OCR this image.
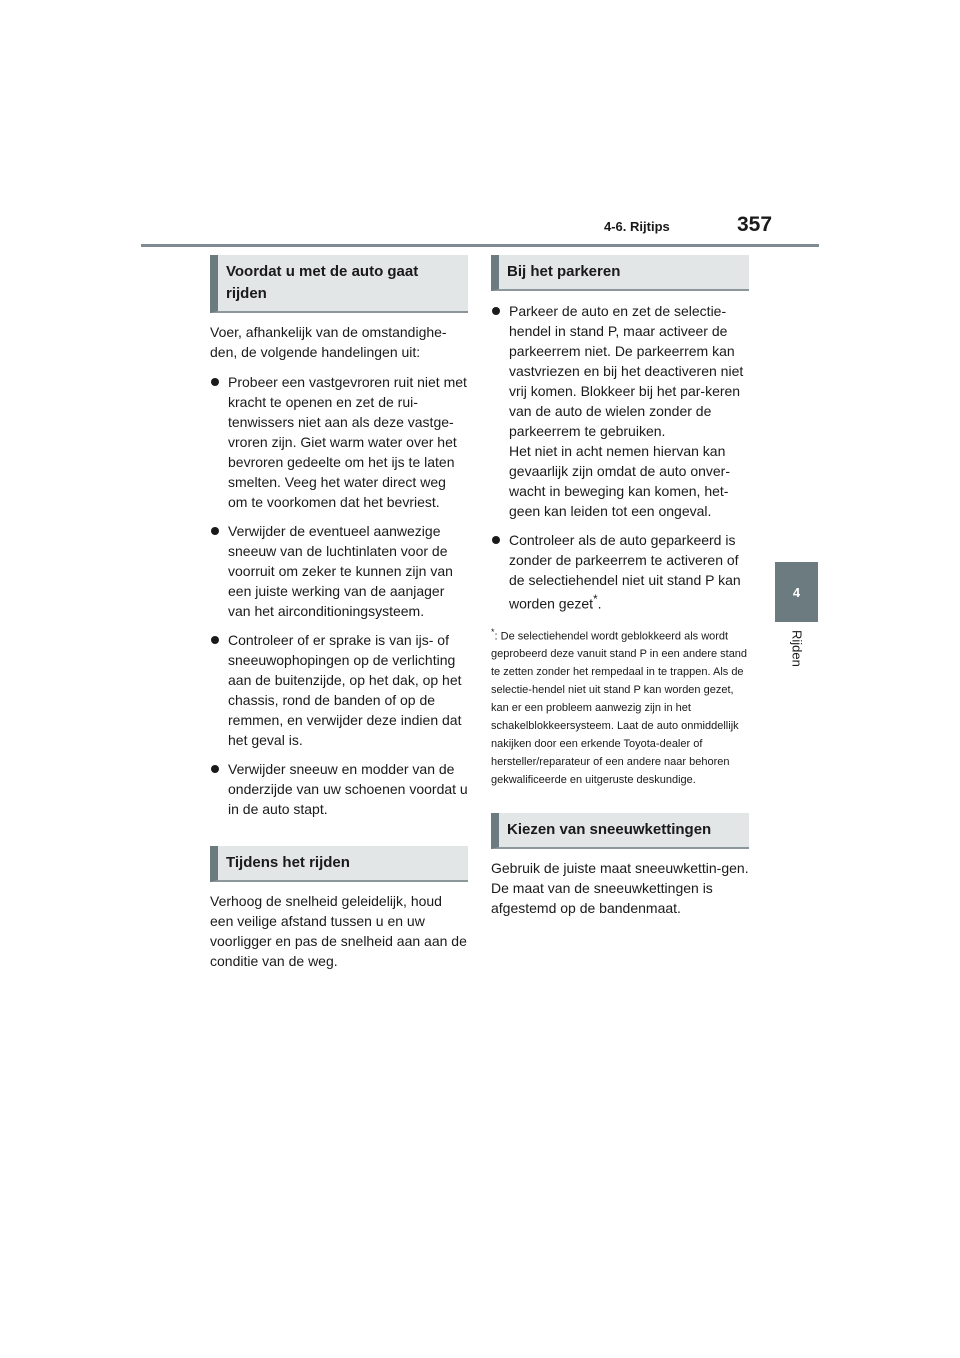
4-6. Rijtips	357
4
Rijden
Voordat u met de auto gaat rijden

Voer, afhankelijk van de omstandighe-den, de volgende handelingen uit:

Probeer een vastgevroren ruit niet met kracht te openen en zet de rui-tenwissers niet aan als deze vastge-vroren zijn. Giet warm water over het bevroren gedeelte om het ijs te laten smelten. Veeg het water direct weg om te voorkomen dat het bevriest.
Verwijder de eventueel aanwezige sneeuw van de luchtinlaten voor de voorruit om zeker te kunnen zijn van een juiste werking van de aanjager van het airconditioningsysteem.
Controleer of er sprake is van ijs- of sneeuwophopingen op de verlichting aan de buitenzijde, op het dak, op het chassis, rond de banden of op de remmen, en verwijder deze indien dat het geval is.
Verwijder sneeuw en modder van de onderzijde van uw schoenen voordat u in de auto stapt.
Tijdens het rijden

Verhoog de snelheid geleidelijk, houd een veilige afstand tussen u en uw voorligger en pas de snelheid aan aan de conditie van de weg.

Bij het parkeren
Parkeer de auto en zet de selectie-hendel in stand P, maar activeer de parkeerrem niet. De parkeerrem kan vastvriezen en bij het deactiveren niet vrij komen. Blokkeer bij het par-keren van de auto de wielen zonder de parkeerrem te gebruiken.
Het niet in acht nemen hiervan kan gevaarlijk zijn omdat de auto onver-wacht in beweging kan komen, het-geen kan leiden tot een ongeval.
Controleer als de auto geparkeerd is zonder de parkeerrem te activeren of de selectiehendel niet uit stand P kan worden gezet*.

*: De selectiehendel wordt geblokkeerd als wordt geprobeerd deze vanuit stand P in een andere stand te zetten zonder het rempedaal in te trappen. Als de selectie-hendel niet uit stand P kan worden gezet, kan er een probleem aanwezig zijn in het schakelblokkeersysteem. Laat de auto onmiddellijk nakijken door een erkende Toyota-dealer of hersteller/reparateur of een andere naar behoren gekwalificeerde en uitgeruste deskundige.

Kiezen van sneeuwkettingen

Gebruik de juiste maat sneeuwkettin-gen.

De maat van de sneeuwkettingen is afgestemd op de bandenmaat.
